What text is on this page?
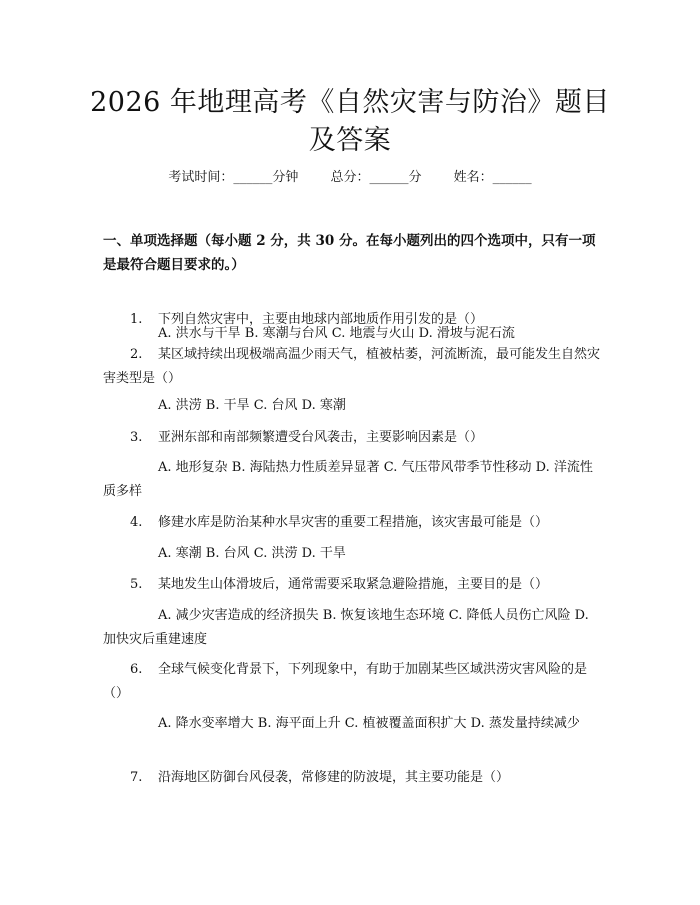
2026 年地理高考《自然灾害与防治》题目及答案
考试时间：______分钟 总分：______分 姓名：______

一、单项选择题（每小题 2 分，共 30 分。在每小题列出的四个选项中，只有一项是最符合题目要求的。）

1. 下列自然灾害中，主要由地球内部地质作用引发的是（）

A. 洪水与干旱 B. 寒潮与台风 C. 地震与火山 D. 滑坡与泥石流

2. 某区域持续出现极端高温少雨天气，植被枯萎，河流断流，最可能发生自然灾害类型是（）

A. 洪涝 B. 干旱 C. 台风 D. 寒潮

3. 亚洲东部和南部频繁遭受台风袭击，主要影响因素是（）

A. 地形复杂 B. 海陆热力性质差异显著 C. 气压带风带季节性移动 D. 洋流性质多样

4. 修建水库是防治某种水旱灾害的重要工程措施，该灾害最可能是（）

A. 寒潮 B. 台风 C. 洪涝 D. 干旱

5. 某地发生山体滑坡后，通常需要采取紧急避险措施，主要目的是（）

A. 减少灾害造成的经济损失 B. 恢复该地生态环境 C. 降低人员伤亡风险 D. 加快灾后重建速度

6. 全球气候变化背景下，下列现象中，有助于加剧某些区域洪涝灾害风险的是（）

A. 降水变率增大 B. 海平面上升 C. 植被覆盖面积扩大 D. 蒸发量持续减少

7. 沿海地区防御台风侵袭，常修建的防波堤，其主要功能是（）
